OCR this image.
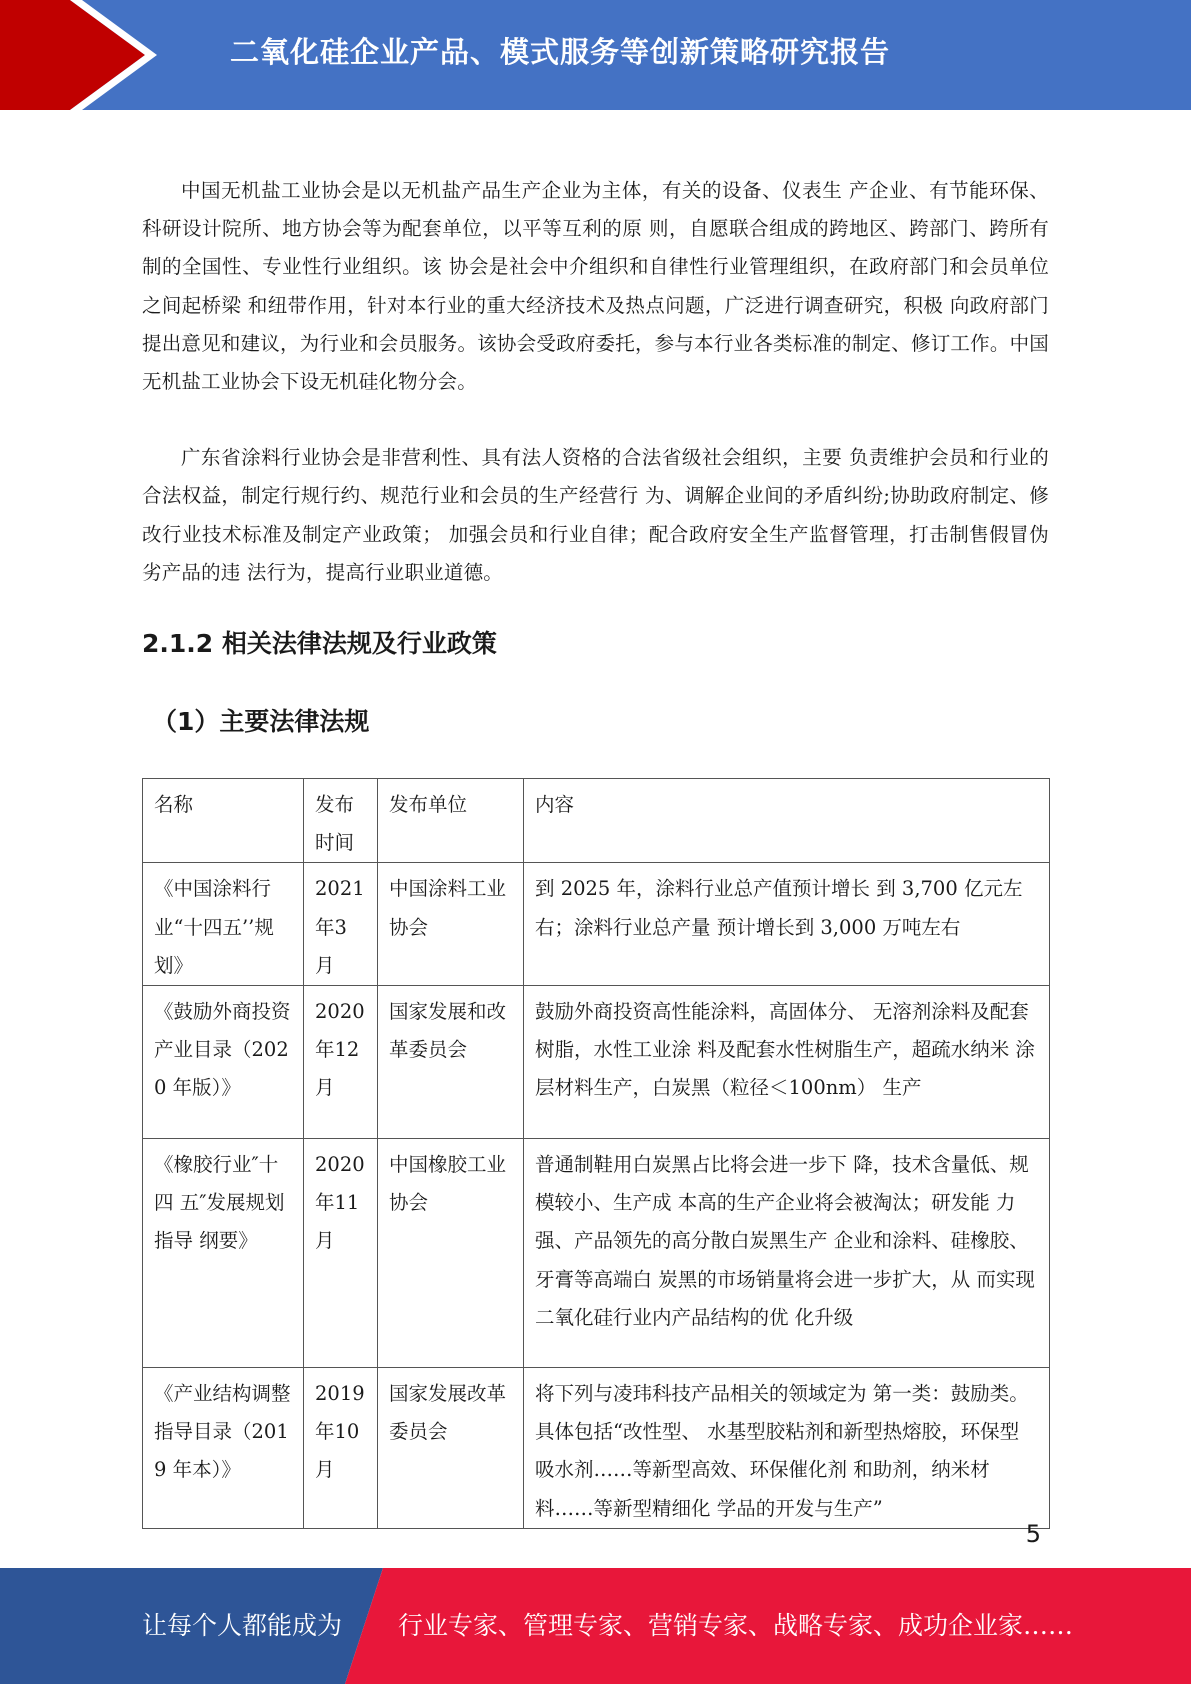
二氧化硅企业产品、模式服务等创新策略研究报告

中国无机盐工业协会是以无机盐产品生产企业为主体，有关的设备、仪表生 产企业、有节能环保、科研设计院所、地方协会等为配套单位，以平等互利的原 则，自愿联合组成的跨地区、跨部门、跨所有制的全国性、专业性行业组织。该 协会是社会中介组织和自律性行业管理组织，在政府部门和会员单位之间起桥梁 和纽带作用，针对本行业的重大经济技术及热点问题，广泛进行调查研究，积极 向政府部门提出意见和建议，为行业和会员服务。该协会受政府委托，参与本行业各类标准的制定、修订工作。中国无机盐工业协会下设无机硅化物分会。

广东省涂料行业协会是非营利性、具有法人资格的合法省级社会组织，主要 负责维护会员和行业的合法权益，制定行规行约、规范行业和会员的生产经营行 为、调解企业间的矛盾纠纷;协助政府制定、修改行业技术标准及制定产业政策； 加强会员和行业自律；配合政府安全生产监督管理，打击制售假冒伪劣产品的违 法行为，提高行业职业道德。

2.1.2 相关法律法规及行业政策
（1）主要法律法规
名称	发布时间	发布单位	内容
《中国涂料行业“十四五’’规划》	2021年3月	中国涂料工业 协会	到 2025 年，涂料行业总产值预计增长 到 3,700 亿元左右；涂料行业总产量 预计增长到 3,000 万吨左右
《鼓励外商投资 产业目录（2020 年版）》	2020年12月	国家发展和改 革委员会	鼓励外商投资高性能涂料，高固体分、 无溶剂涂料及配套树脂，水性工业涂 料及配套水性树脂生产，超疏水纳米 涂层材料生产，白炭黑（粒径＜100nm） 生产
《橡胶行业″十四 五″发展规划指导 纲要》	2020年11月	中国橡胶工业 协会	普通制鞋用白炭黑占比将会进一步下 降，技术含量低、规模较小、生产成 本高的生产企业将会被淘汰；研发能 力强、产品领先的高分散白炭黑生产 企业和涂料、硅橡胶、牙膏等高端白 炭黑的市场销量将会进一步扩大，从 而实现二氧化硅行业内产品结构的优 化升级
《产业结构调整 指导目录（2019 年本）》	2019年10月	国家发展改革 委员会	将下列与凌玮科技产品相关的领域定为 第一类：鼓励类。具体包括“改性型、 水基型胶粘剂和新型热熔胶，环保型 吸水剂……等新型高效、环保催化剂 和助剂，纳米材料……等新型精细化 学品的开发与生产”
5
让每个人都能成为 行业专家、管理专家、营销专家、战略专家、成功企业家……
